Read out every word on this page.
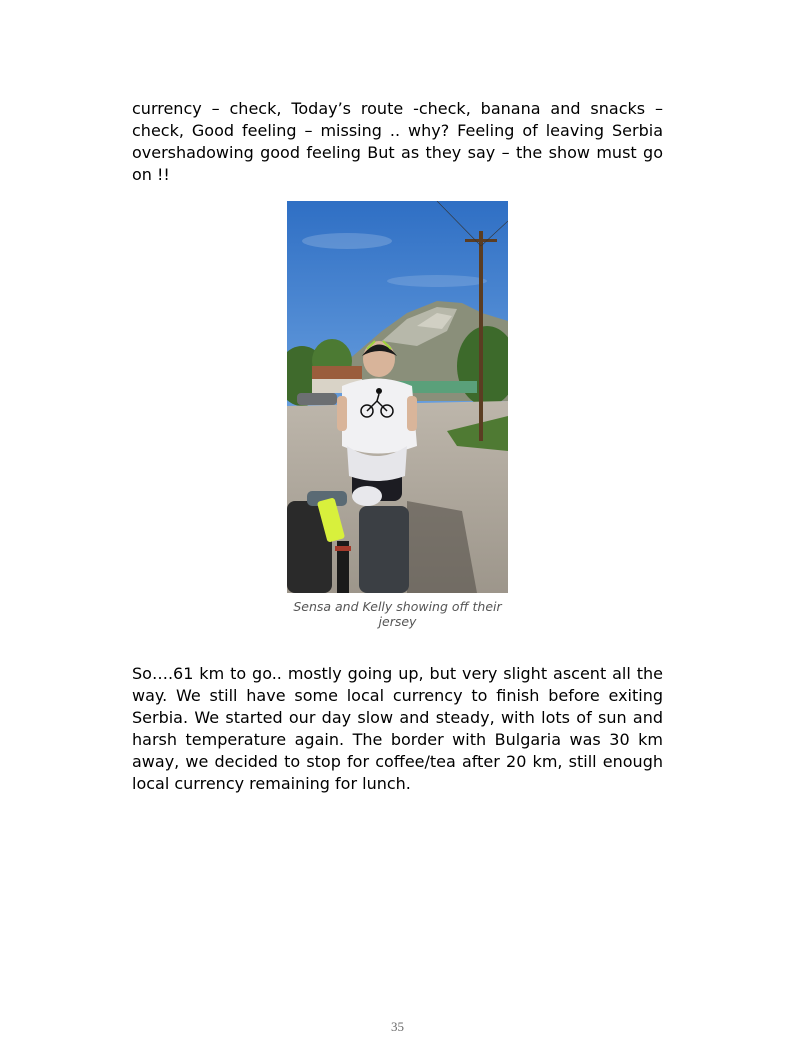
currency – check, Today’s route -check, banana and snacks – check, Good feeling – missing .. why? Feeling of leaving Serbia overshadowing good feeling But as they say – the show must go on !!

Sensa and Kelly showing off their jersey

So….61 km to go.. mostly going up, but very slight ascent all the way. We still have some local currency to finish before exiting Serbia. We started our day slow and steady, with lots of sun and harsh temperature again. The border with Bulgaria was 30 km away, we decided to stop for coffee/tea after 20 km, still enough local currency remaining for lunch.

35
